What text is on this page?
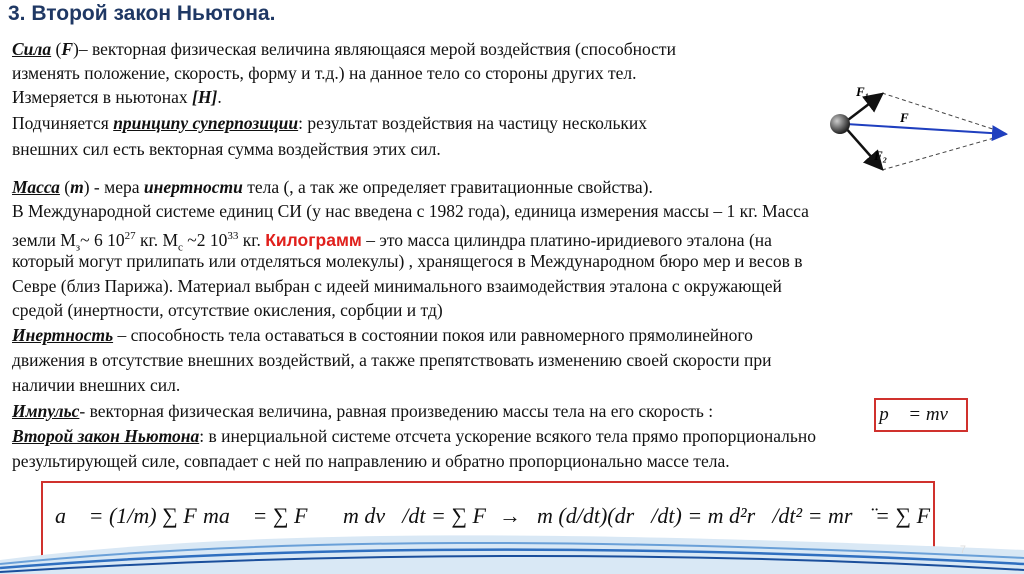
3. Второй закон Ньютона.
Сила (F)– векторная физическая величина являющаяся мерой воздействия (способности
изменять положение, скорость, форму и т.д.) на данное тело со стороны других тел.
Измеряется в ньютонах [Н].
Подчиняется принципу суперпозиции: результат воздействия на частицу нескольких
внешних сил есть векторная сумма воздействия этих сил.
F₁
F
F₂
Масса (m) - мера инертности тела (, а так же определяет гравитационные свойства).
В Международной системе единиц СИ (у нас введена с 1982 года), единица измерения массы – 1 кг. Масса
земли $М_з\sim$ 6 $10^{27}$ кг. $М_с$ ~2 $10^{33}$ кг. Килограмм – это масса цилиндра платино-иридиевого эталона (на
который могут прилипать или отделяться молекулы) , хранящегося в Международном бюро мер и весов в
Севре (близ Парижа). Материал выбран с идеей минимального взаимодействия эталона с окружающей
средой (инертности, отсутствие окисления, сорбции и тд)
Инертность – способность тела оставаться в состоянии покоя или равномерного прямолинейного
движения в отсутствие внешних воздействий, а также препятствовать изменению своей скорости при
наличии внешних сил.
Импульс- векторная физическая величина, равная произведению массы тела на его скорость :	p⃗ = mv⃗
Второй закон Ньютона: в инерциальной системе отсчета ускорение всякого тела прямо пропорционально
результирующей силе, совпадает с ней по направлению и обратно пропорционально массе тела.
a⃗ = (1/m) ∑ F⃗
ma⃗ = ∑ F⃗ m dv⃗/dt = ∑ F⃗
→ m (d/dt)(dr⃗/dt) = m d²r⃗/dt² = mr⃗̈ = ∑ F⃗
7
